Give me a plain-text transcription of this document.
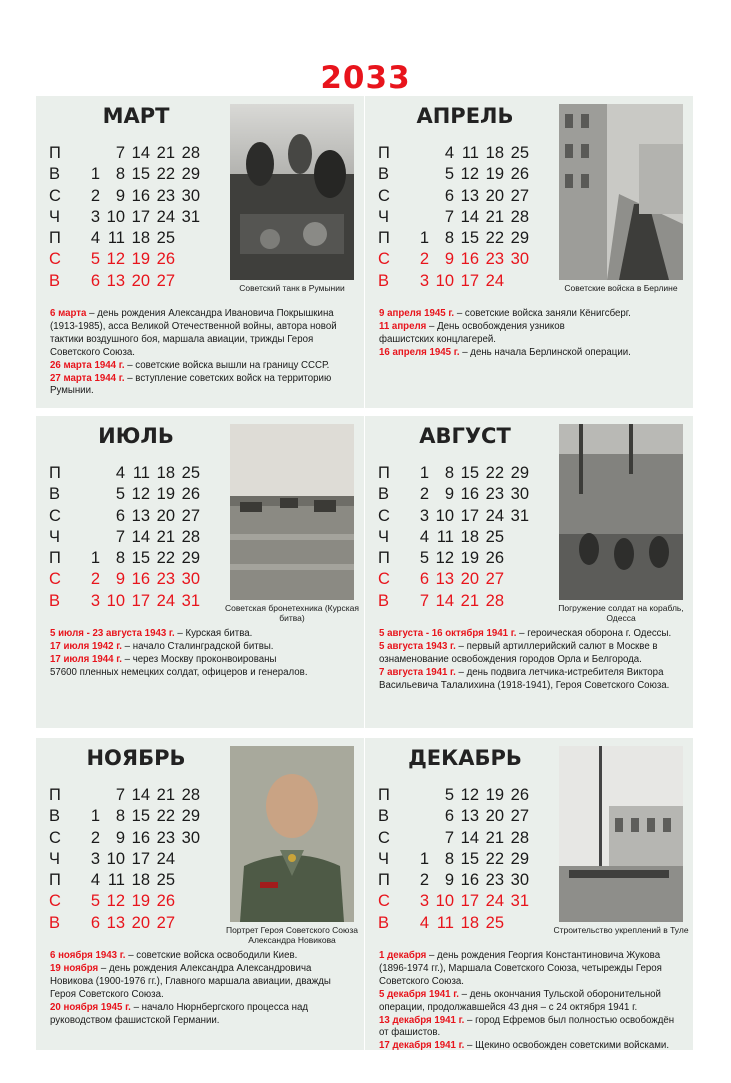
2033
МАРТ
П	7 14 21 28
В 1 8 15 22 29
С 2 9 16 23 30
Ч 3 10 17 24 31
П 4 11 18 25
С 5 12 19 26
В 6 13 20 27	Советский танк в Румынии

6 марта – день рождения Александра Ивановича Покрышкина (1913-1985), асса Великой Отечественной войны, автора новой тактики воздушного боя, маршала авиации, трижды Героя Советского Союза.

26 марта 1944 г. – советские войска вышли на границу СССР.

27 марта 1944 г. – вступление советских войск на территорию Румынии.

АПРЕЛЬ
П	4 11 18 25
В	5 12 19 26
С	6 13 20 27
Ч	7 14 21 28
П 1 8 15 22 29
С 2 9 16 23 30
В 3 10 17 24	Советские войска в Берлине

9 апреля 1945 г. – советские войска заняли Кёнигсберг.

11 апреля – День освобождения узников

фашистских концлагерей.

16 апреля 1945 г. – день начала Берлинской операции.

ИЮЛЬ
П	4 11 18 25
В	5 12 19 26
С	6 13 20 27
Ч	7 14 21 28
П 1 8 15 22 29
С 2 9 16 23 30
В 3 10 17 24 31	Советская бронетехника (Курская битва)

5 июля - 23 августа 1943 г. – Курская битва.

17 июля 1942 г. – начало Сталинградской битвы.

17 июля 1944 г. – через Москву проконвоированы

57600 пленных немецких солдат, офицеров и генералов.

АВГУСТ
П 1 8 15 22 29
В 2 9 16 23 30
С 3 10 17 24 31
Ч 4 11 18 25
П 5 12 19 26
С 6 13 20 27
В 7 14 21 28	Погружение солдат на корабль, Одесса

5 августа - 16 октября 1941 г. – героическая оборона г. Одессы.

5 августа 1943 г. – первый артиллерийский салют в Москве в ознаменование освобождения городов Орла и Белгорода.

7 августа 1941 г. – день подвига летчика-истребителя Виктора Васильевича Талалихина (1918-1941), Героя Советского Союза.

НОЯБРЬ
П	7 14 21 28
В 1 8 15 22 29
С 2 9 16 23 30
Ч 3 10 17 24
П 4 11 18 25
С 5 12 19 26
В 6 13 20 27	Портрет Героя Советского Союза Александра Новикова

6 ноября 1943 г. – советские войска освободили Киев.

19 ноября – день рождения Александра Александровича Новикова (1900-1976 гг.), Главного маршала авиации, дважды Героя Советского Союза.

20 ноября 1945 г. – начало Нюрнбергского процесса над руководством фашистской Германии.

ДЕКАБРЬ
П	5 12 19 26
В	6 13 20 27
С	7 14 21 28
Ч 1 8 15 22 29
П 2 9 16 23 30
С 3 10 17 24 31
В 4 11 18 25	Строительство укреплений в Туле

1 декабря – день рождения Георгия Константиновича Жукова (1896-1974 гг.), Маршала Советского Союза, четырежды Героя Советского Союза.

5 декабря 1941 г. – день окончания Тульской оборонительной операции, продолжавшейся 43 дня – с 24 октября 1941 г.

13 декабря 1941 г. – город Ефремов был полностью освобождён от фашистов.

17 декабря 1941 г. – Щекино освобожден советскими войсками.
